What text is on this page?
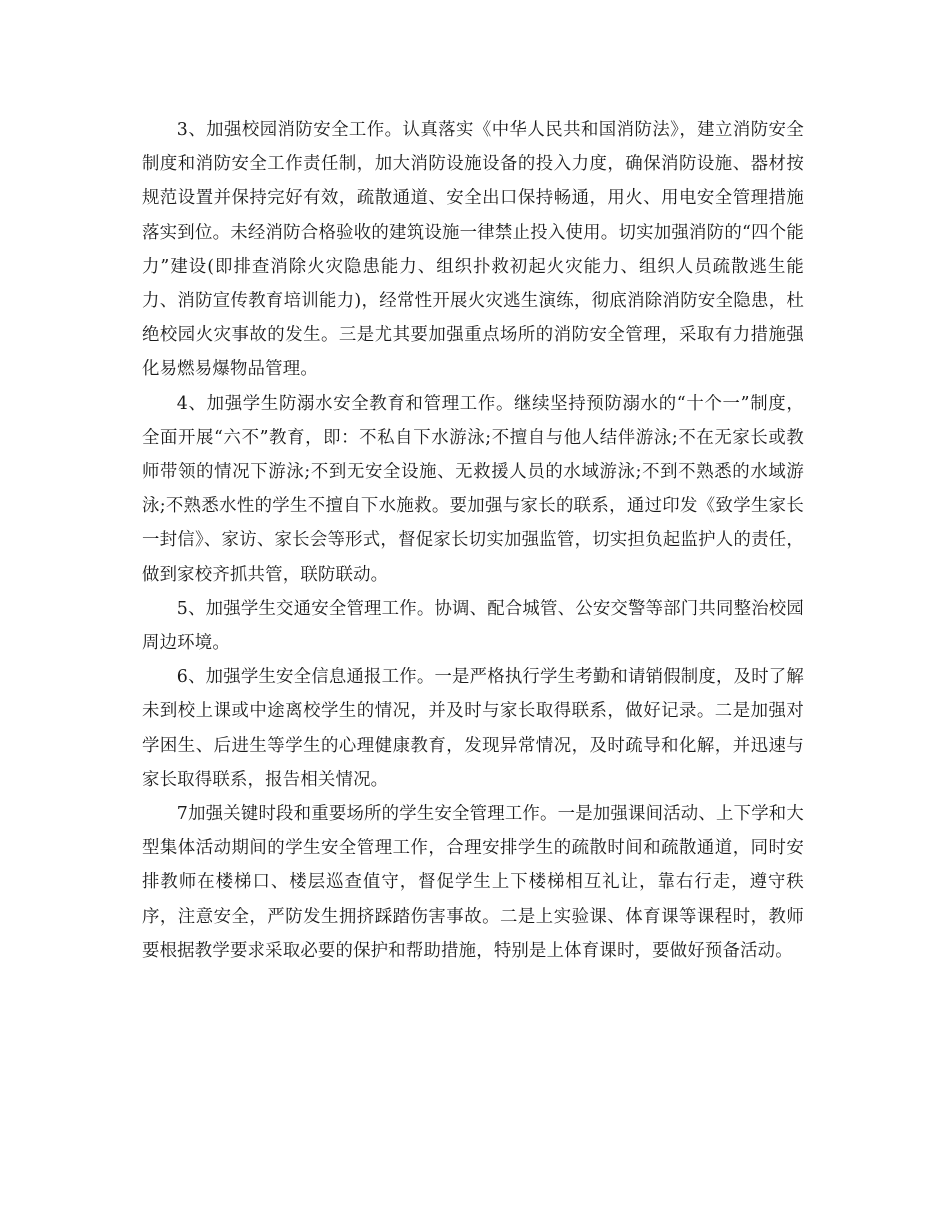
3、加强校园消防安全工作。认真落实《中华人民共和国消防法》，建立消防安全制度和消防安全工作责任制，加大消防设施设备的投入力度，确保消防设施、器材按规范设置并保持完好有效，疏散通道、安全出口保持畅通，用火、用电安全管理措施落实到位。未经消防合格验收的建筑设施一律禁止投入使用。切实加强消防的“四个能力”建设(即排查消除火灾隐患能力、组织扑救初起火灾能力、组织人员疏散逃生能力、消防宣传教育培训能力)，经常性开展火灾逃生演练，彻底消除消防安全隐患，杜绝校园火灾事故的发生。三是尤其要加强重点场所的消防安全管理，采取有力措施强化易燃易爆物品管理。

4、加强学生防溺水安全教育和管理工作。继续坚持预防溺水的“十个一”制度，全面开展“六不”教育，即：不私自下水游泳;不擅自与他人结伴游泳;不在无家长或教师带领的情况下游泳;不到无安全设施、无救援人员的水域游泳;不到不熟悉的水域游泳;不熟悉水性的学生不擅自下水施救。要加强与家长的联系，通过印发《致学生家长一封信》、家访、家长会等形式，督促家长切实加强监管，切实担负起监护人的责任，做到家校齐抓共管，联防联动。

5、加强学生交通安全管理工作。协调、配合城管、公安交警等部门共同整治校园周边环境。

6、加强学生安全信息通报工作。一是严格执行学生考勤和请销假制度，及时了解未到校上课或中途离校学生的情况，并及时与家长取得联系，做好记录。二是加强对学困生、后进生等学生的心理健康教育，发现异常情况，及时疏导和化解，并迅速与家长取得联系，报告相关情况。

7加强关键时段和重要场所的学生安全管理工作。一是加强课间活动、上下学和大型集体活动期间的学生安全管理工作，合理安排学生的疏散时间和疏散通道，同时安排教师在楼梯口、楼层巡查值守，督促学生上下楼梯相互礼让，靠右行走，遵守秩序，注意安全，严防发生拥挤踩踏伤害事故。二是上实验课、体育课等课程时，教师要根据教学要求采取必要的保护和帮助措施，特别是上体育课时，要做好预备活动。
